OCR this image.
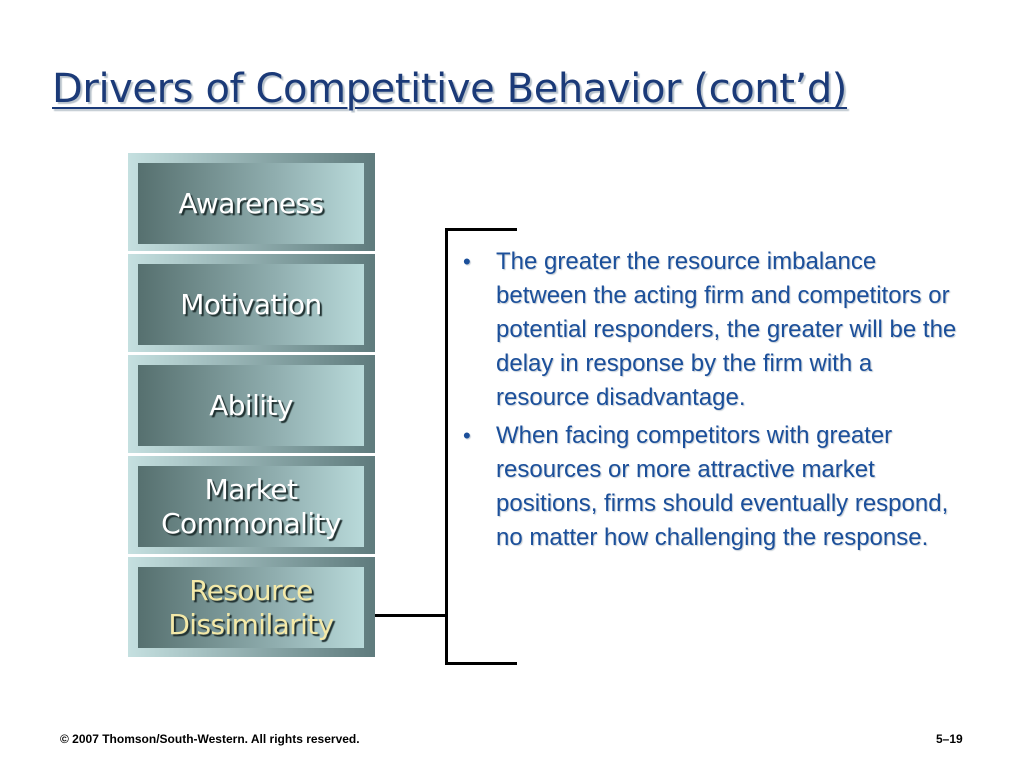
Drivers of Competitive Behavior (cont’d)
Awareness
Motivation
Ability
Market Commonality
Resource Dissimilarity
• The greater the resource imbalance between the acting firm and competitors or potential responders, the greater will be the delay in response by the firm with a resource disadvantage.
• When facing competitors with greater resources or more attractive market positions, firms should eventually respond, no matter how challenging the response.
© 2007 Thomson/South-Western. All rights reserved.	5–19
